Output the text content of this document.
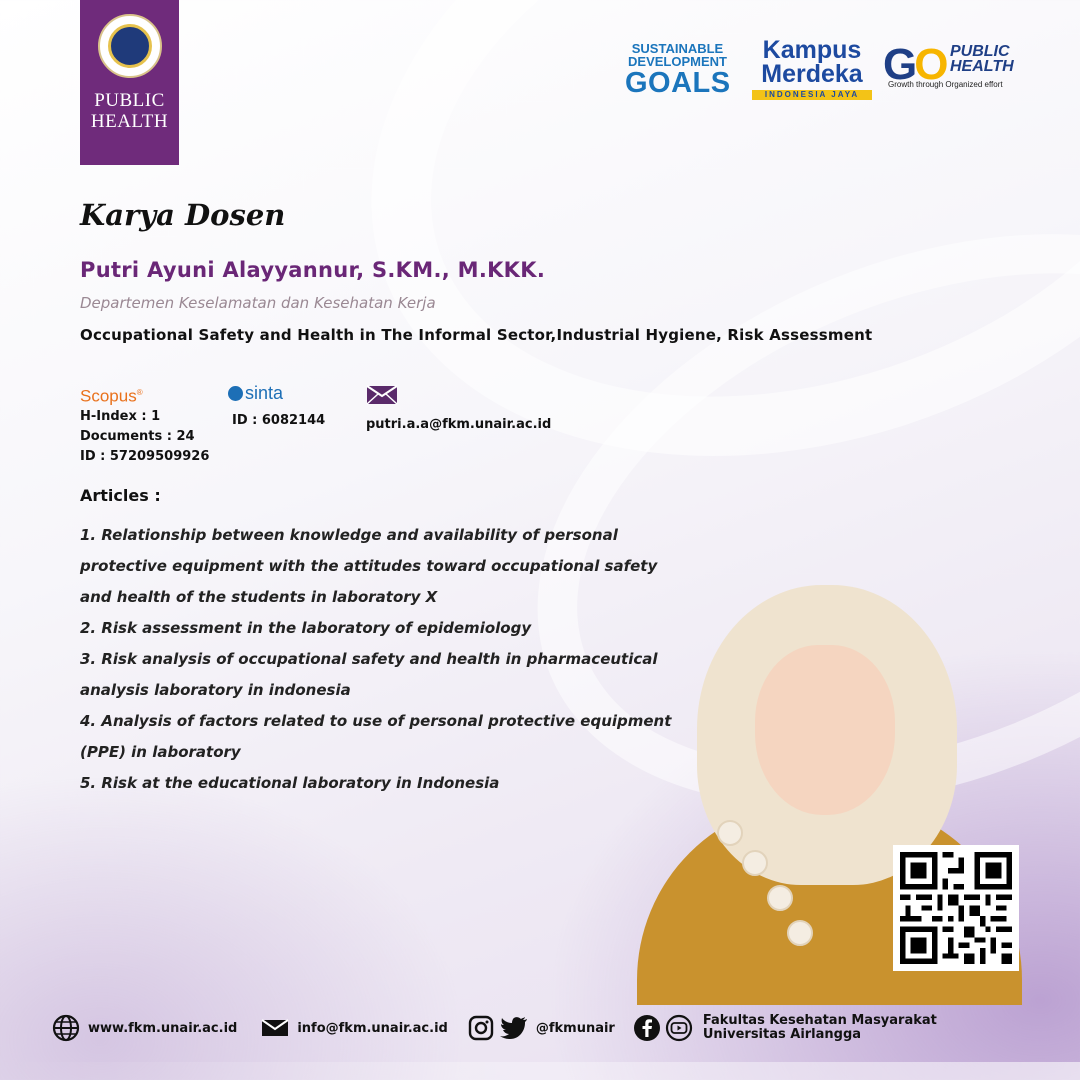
PUBLIC
HEALTH
SUSTAINABLE
DEVELOPMENT
GOALS
Kampus
Merdeka
INDONESIA JAYA
GO PUBLIC
HEALTH
Growth through Organized effort
Karya Dosen
Putri Ayuni Alayyannur, S.KM., M.KKK.
Departemen Keselamatan dan Kesehatan Kerja
Occupational Safety and Health in The Informal Sector,Industrial Hygiene, Risk Assessment
Scopus®
H-Index : 1
Documents : 24
ID : 57209509926
sinta
ID : 6082144	putri.a.a@fkm.unair.ac.id
Articles :
1. Relationship between knowledge and availability of personal
protective equipment with the attitudes toward occupational safety
and health of the students in laboratory X
2. Risk assessment in the laboratory of epidemiology
3. Risk analysis of occupational safety and health in pharmaceutical
analysis laboratory in indonesia
4. Analysis of factors related to use of personal protective equipment
(PPE) in laboratory
5. Risk at the educational laboratory in Indonesia
www.fkm.unair.ac.id	info@fkm.unair.ac.id	@fkmunair	Fakultas Kesehatan Masyarakat
Universitas Airlangga
